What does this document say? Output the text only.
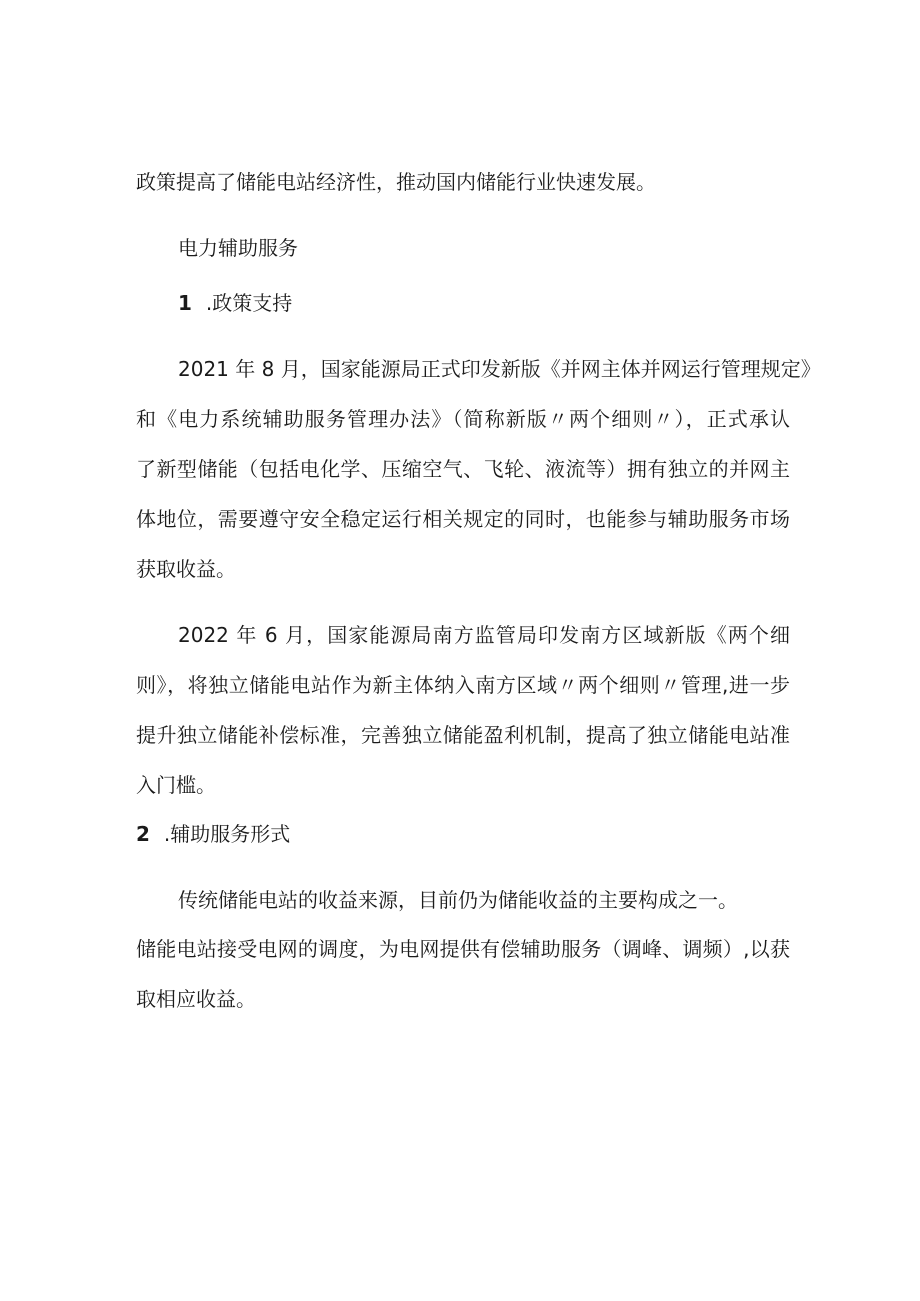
政策提高了储能电站经济性，推动国内储能行业快速发展。
电力辅助服务
1 .政策支持
2021 年 8 月，国家能源局正式印发新版《并网主体并网运行管理规定》
和《电力系统辅助服务管理办法》（简称新版〃两个细则〃），正式承认
了新型储能（包括电化学、压缩空气、飞轮、液流等）拥有独立的并网主
体地位，需要遵守安全稳定运行相关规定的同时，也能参与辅助服务市场
获取收益。
2022 年 6 月，国家能源局南方监管局印发南方区域新版《两个细
则》，将独立储能电站作为新主体纳入南方区域〃两个细则〃管理,进一步
提升独立储能补偿标准，完善独立储能盈利机制，提高了独立储能电站准
入门槛。
2 .辅助服务形式
传统储能电站的收益来源，目前仍为储能收益的主要构成之一。
储能电站接受电网的调度，为电网提供有偿辅助服务（调峰、调频）,以获
取相应收益。
